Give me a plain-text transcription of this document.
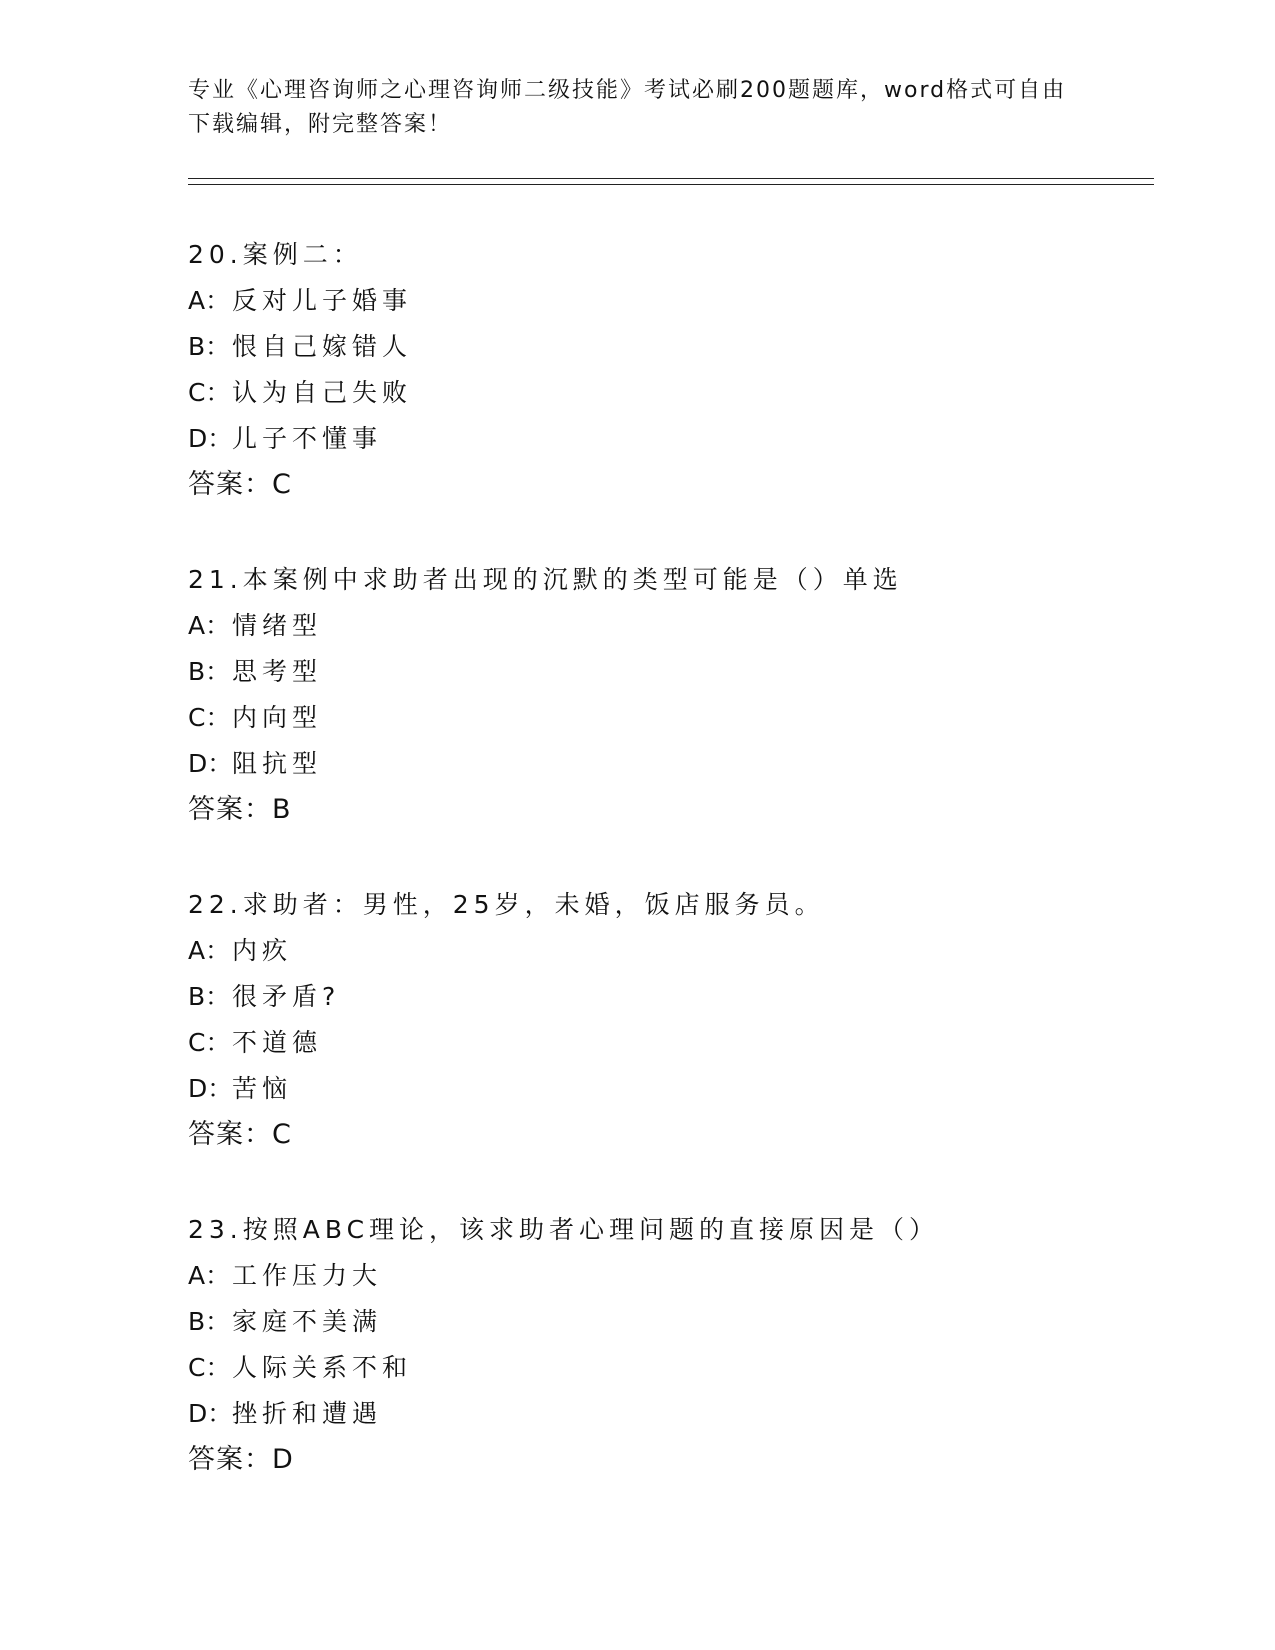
专业《心理咨询师之心理咨询师二级技能》考试必刷200题题库，word格式可自由下载编辑，附完整答案！
20.案例二：
A：反对儿子婚事
B：恨自己嫁错人
C：认为自己失败
D：儿子不懂事
答案：C
21.本案例中求助者出现的沉默的类型可能是（）单选
A：情绪型
B：思考型
C：内向型
D：阻抗型
答案：B
22.求助者：男性，25岁，未婚，饭店服务员。
A：内疚
B：很矛盾?
C：不道德
D：苦恼
答案：C
23.按照ABC理论，该求助者心理问题的直接原因是（）
A：工作压力大
B：家庭不美满
C：人际关系不和
D：挫折和遭遇
答案：D
